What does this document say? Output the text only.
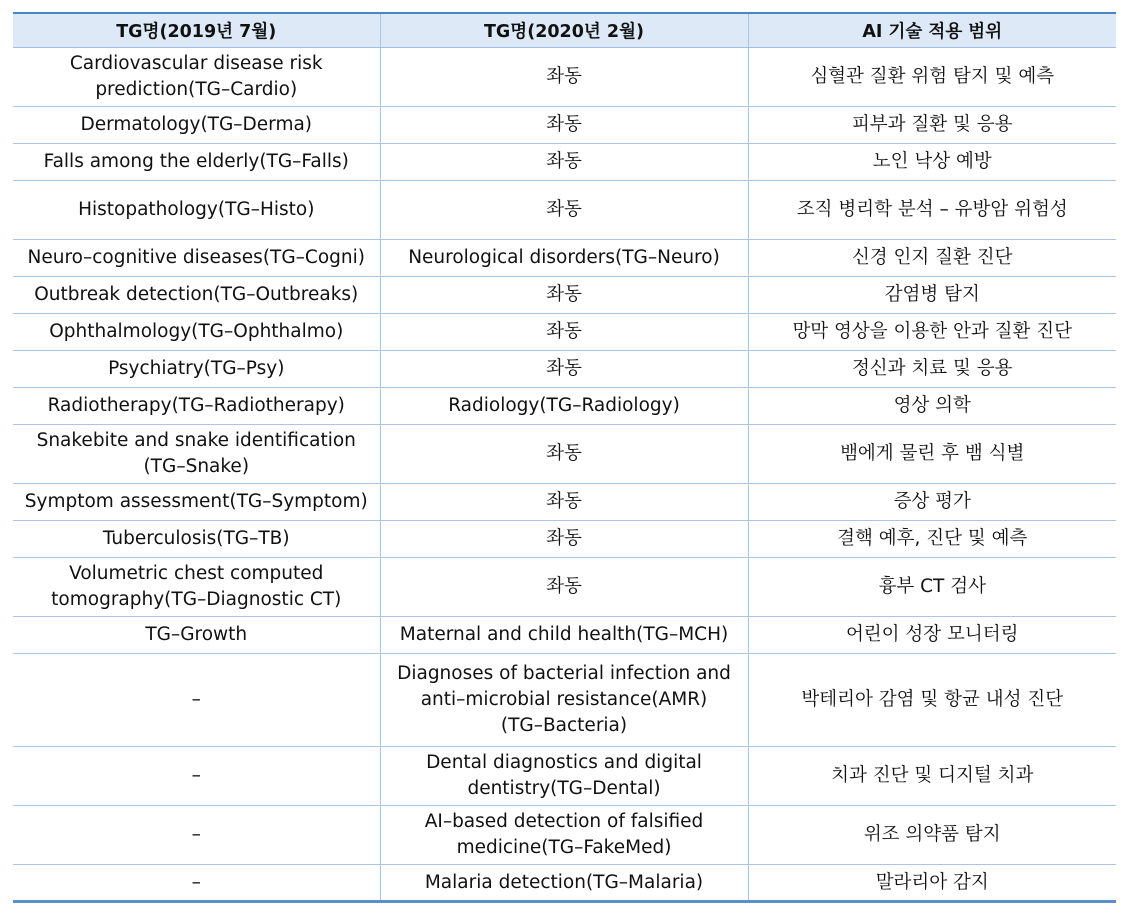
TG명(2019년 7월)	TG명(2020년 2월)	AI 기술 적용 범위
Cardiovascular disease risk
prediction(TG–Cardio)	좌동	심혈관 질환 위험 탐지 및 예측
Dermatology(TG–Derma)	좌동	피부과 질환 및 응용
Falls among the elderly(TG–Falls)	좌동	노인 낙상 예방
Histopathology(TG–Histo)	좌동	조직 병리학 분석 – 유방암 위험성
Neuro–cognitive diseases(TG–Cogni)	Neurological disorders(TG–Neuro)	신경 인지 질환 진단
Outbreak detection(TG–Outbreaks)	좌동	감염병 탐지
Ophthalmology(TG–Ophthalmo)	좌동	망막 영상을 이용한 안과 질환 진단
Psychiatry(TG–Psy)	좌동	정신과 치료 및 응용
Radiotherapy(TG–Radiotherapy)	Radiology(TG–Radiology)	영상 의학
Snakebite and snake identification
(TG–Snake)	좌동	뱀에게 물린 후 뱀 식별
Symptom assessment(TG–Symptom)	좌동	증상 평가
Tuberculosis(TG–TB)	좌동	결핵 예후, 진단 및 예측
Volumetric chest computed
tomography(TG–Diagnostic CT)	좌동	흉부 CT 검사
TG–Growth	Maternal and child health(TG–MCH)	어린이 성장 모니터링
–	Diagnoses of bacterial infection and
anti–microbial resistance(AMR)
(TG–Bacteria)	박테리아 감염 및 항균 내성 진단
–	Dental diagnostics and digital
dentistry(TG–Dental)	치과 진단 및 디지털 치과
–	AI–based detection of falsified
medicine(TG–FakeMed)	위조 의약품 탐지
–	Malaria detection(TG–Malaria)	말라리아 감지
